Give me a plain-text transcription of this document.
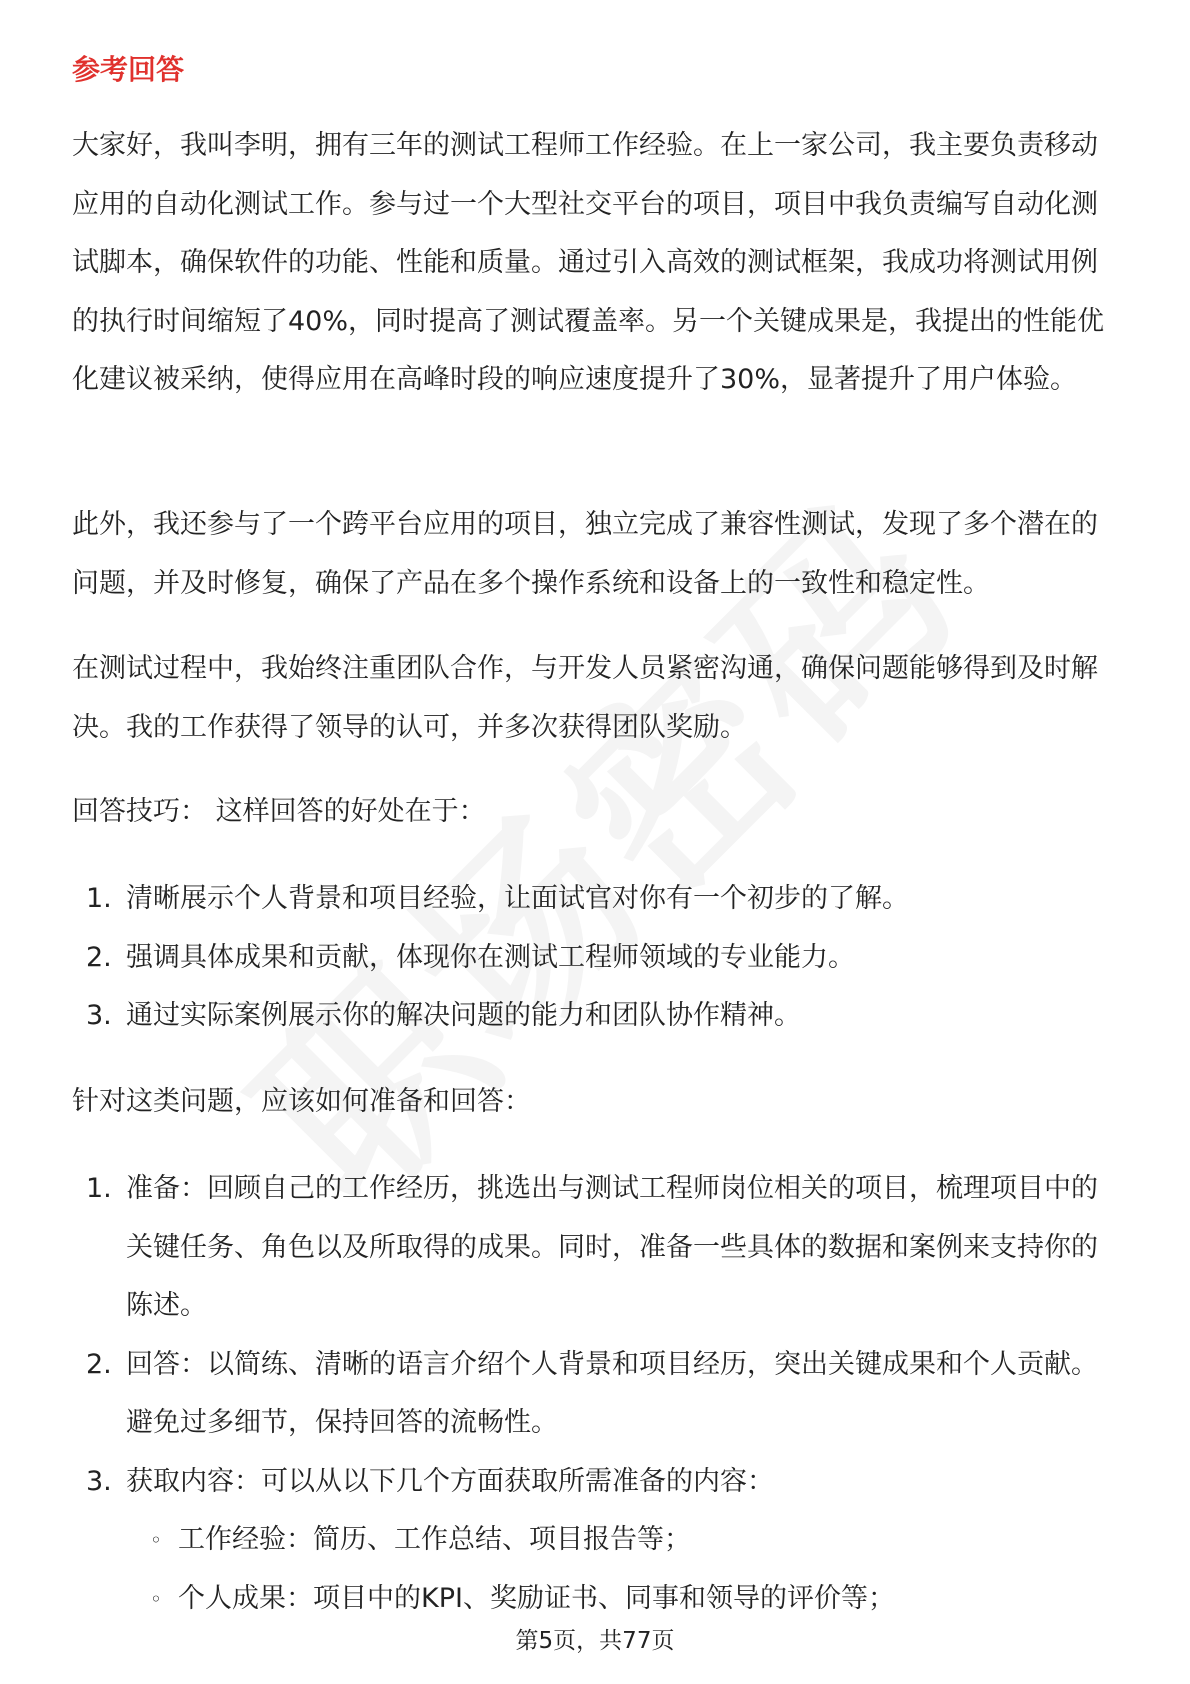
参考回答

大家好，我叫李明，拥有三年的测试工程师工作经验。在上一家公司，我主要负责移动应用的自动化测试工作。参与过一个大型社交平台的项目，项目中我负责编写自动化测试脚本，确保软件的功能、性能和质量。通过引入高效的测试框架，我成功将测试用例的执行时间缩短了40%，同时提高了测试覆盖率。另一个关键成果是，我提出的性能优化建议被采纳，使得应用在高峰时段的响应速度提升了30%，显著提升了用户体验。

此外，我还参与了一个跨平台应用的项目，独立完成了兼容性测试，发现了多个潜在的问题，并及时修复，确保了产品在多个操作系统和设备上的一致性和稳定性。

在测试过程中，我始终注重团队合作，与开发人员紧密沟通，确保问题能够得到及时解决。我的工作获得了领导的认可，并多次获得团队奖励。

回答技巧： 这样回答的好处在于：

1. 清晰展示个人背景和项目经验，让面试官对你有一个初步的了解。
2. 强调具体成果和贡献，体现你在测试工程师领域的专业能力。
3. 通过实际案例展示你的解决问题的能力和团队协作精神。

针对这类问题，应该如何准备和回答：

1. 准备：回顾自己的工作经历，挑选出与测试工程师岗位相关的项目，梳理项目中的关键任务、角色以及所取得的成果。同时，准备一些具体的数据和案例来支持你的陈述。
2. 回答：以简练、清晰的语言介绍个人背景和项目经历，突出关键成果和个人贡献。避免过多细节，保持回答的流畅性。
3. 获取内容：可以从以下几个方面获取所需准备的内容：
◦ 工作经验：简历、工作总结、项目报告等；
◦ 个人成果：项目中的KPI、奖励证书、同事和领导的评价等；

第5页，共77页
